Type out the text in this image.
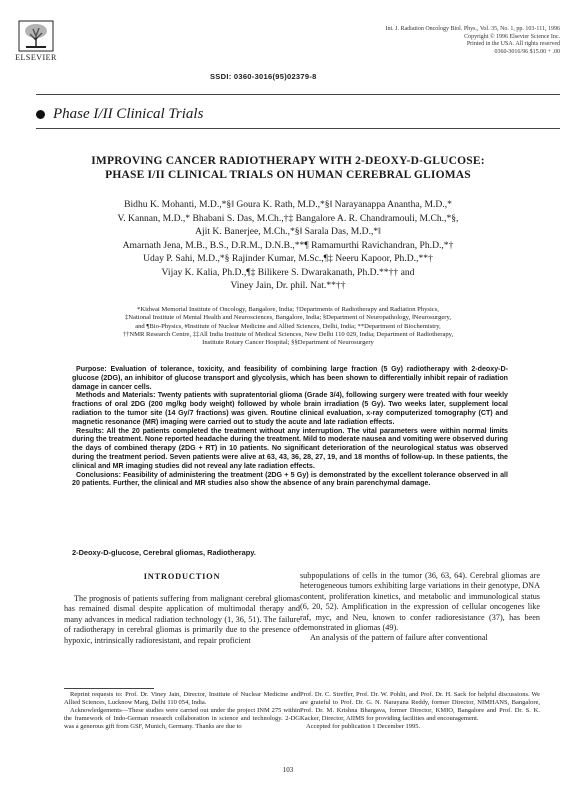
ELSEVIER
Int. J. Radiation Oncology Biol. Phys., Vol. 35, No. 1, pp. 103-111, 1996
Copyright © 1996 Elsevier Science Inc.
Printed in the USA. All rights reserved
0360-3016/96 $15.00 + .00
SSDI: 0360-3016(95)02379-8
Phase I/II Clinical Trials
IMPROVING CANCER RADIOTHERAPY WITH 2-DEOXY-D-GLUCOSE:
PHASE I/II CLINICAL TRIALS ON HUMAN CEREBRAL GLIOMAS
Bidhu K. Mohanti, M.D.,*§‖ Goura K. Rath, M.D.,*§‖ Narayanappa Anantha, M.D.,*
V. Kannan, M.D.,* Bhabani S. Das, M.Ch.,†‡ Bangalore A. R. Chandramouli, M.Ch.,*§,
Ajit K. Banerjee, M.Ch.,*§‖ Sarala Das, M.D.,*‖
Amarnath Jena, M.B., B.S., D.R.M., D.N.B.,**¶ Ramamurthi Ravichandran, Ph.D.,*†
Uday P. Sahi, M.D.,*§ Rajinder Kumar, M.Sc.,¶‡ Neeru Kapoor, Ph.D.,**†
Vijay K. Kalia, Ph.D.,¶‡ Bilikere S. Dwarakanath, Ph.D.**†† and
Viney Jain, Dr. phil. Nat.**††
*Kidwai Memorial Institute of Oncology, Bangalore, India; †Departments of Radiotherapy and Radiation Physics,
‡National Institute of Mental Health and Neurosciences, Bangalore, India; §Department of Neuropathology, ‖Neurosurgery,
and ¶Bio-Physics, #Institute of Nuclear Medicine and Allied Sciences, Delhi, India; **Department of Biochemistry,
††NMR Research Centre, ‡‡All India Institute of Medical Sciences, New Delhi 110 029, India; Department of Radiotherapy,
Institute Rotary Cancer Hospital; §§Department of Neurosurgery

Purpose: Evaluation of tolerance, toxicity, and feasibility of combining large fraction (5 Gy) radiotherapy with 2-deoxy-D-glucose (2DG), an inhibitor of glucose transport and glycolysis, which has been shown to differentially inhibit repair of radiation damage in cancer cells.

Methods and Materials: Twenty patients with supratentorial glioma (Grade 3/4), following surgery were treated with four weekly fractions of oral 2DG (200 mg/kg body weight) followed by whole brain irradiation (5 Gy). Two weeks later, supplement local radiation to the tumor site (14 Gy/7 fractions) was given. Routine clinical evaluation, x-ray computerized tomography (CT) and magnetic resonance (MR) imaging were carried out to study the acute and late radiation effects.

Results: All the 20 patients completed the treatment without any interruption. The vital parameters were within normal limits during the treatment. None reported headache during the treatment. Mild to moderate nausea and vomiting were observed during the days of combined therapy (2DG + RT) in 10 patients. No significant deterioration of the neurological status was observed during the treatment period. Seven patients were alive at 63, 43, 36, 28, 27, 19, and 18 months of follow-up. In these patients, the clinical and MR imaging studies did not reveal any late radiation effects.

Conclusions: Feasibility of administering the treatment (2DG + 5 Gy) is demonstrated by the excellent tolerance observed in all 20 patients. Further, the clinical and MR studies also show the absence of any brain parenchymal damage.

2-Deoxy-D-glucose, Cerebral gliomas, Radiotherapy.
INTRODUCTION

The prognosis of patients suffering from malignant cerebral gliomas has remained dismal despite application of multimodal therapy and many advances in medical radiation technology (1, 36, 51). The failure of radiotherapy in cerebral gliomas is primarily due to the presence of hypoxic, intrinsically radioresistant, and repair proficient

subpopulations of cells in the tumor (36, 63, 64). Cerebral gliomas are heterogeneous tumors exhibiting large variations in their genotype, DNA content, proliferation kinetics, and metabolic and immunological status (6, 20, 52). Amplification in the expression of cellular oncogenes like raf, myc, and Neu, known to confer radioresistance (37), has been demonstrated in gliomas (49).

An analysis of the pattern of failure after conventional

Reprint requests to: Prof. Dr. Viney Jain, Director, Institute of Nuclear Medicine and Allied Sciences, Lucknow Marg, Delhi 110 054, India.

Acknowledgements—These studies were carried out under the project INM 275 within the framework of Indo-German research collaboration in science and technology. 2-DG was a generous gift from GSF, Munich, Germany. Thanks are due to

Prof. Dr. C. Streffer, Prof. Dr. W. Pohlit, and Prof. Dr. H. Sack for helpful discussions. We are grateful to Prof. Dr. G. N. Narayana Reddy, former Director, NIMHANS, Bangalore, Prof. Dr. M. Krishna Bhargava, former Director, KMIO, Bangalore and Prof. Dr. S. K. Kacker, Director, AIIMS for providing facilities and encouragement.

Accepted for publication 1 December 1995.

103
